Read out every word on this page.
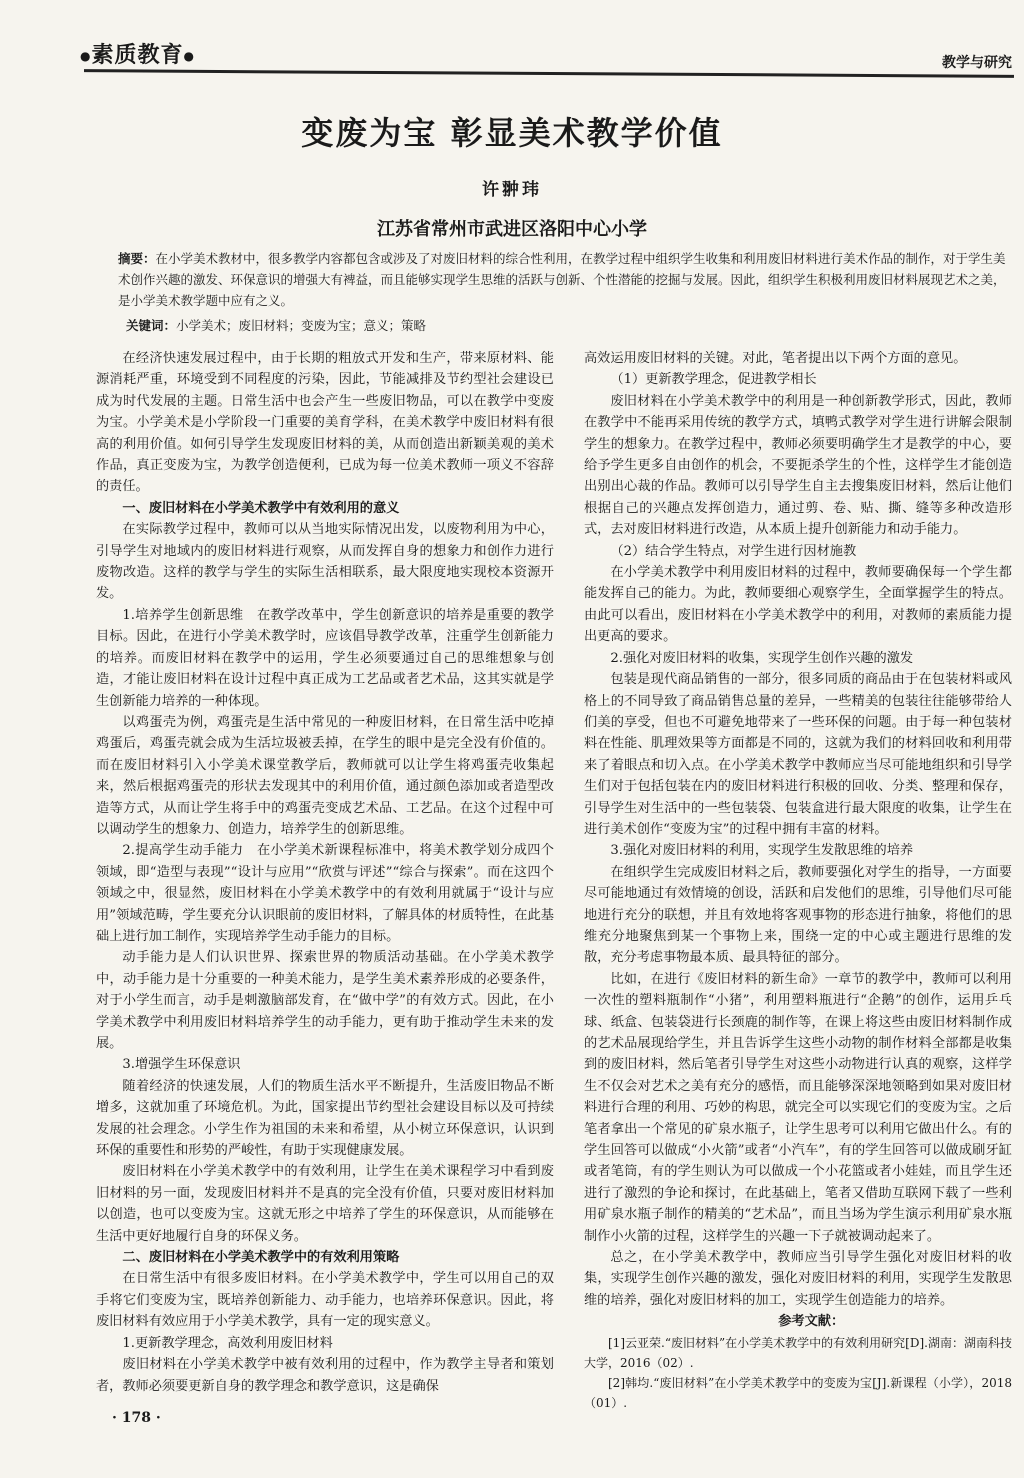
●素质教育●	教学与研究
变废为宝 彰显美术教学价值
许翀玮
江苏省常州市武进区洛阳中心小学
摘要：在小学美术教材中，很多教学内容都包含或涉及了对废旧材料的综合性利用，在教学过程中组织学生收集和利用废旧材料进行美术作品的制作，对于学生美术创作兴趣的激发、环保意识的增强大有裨益，而且能够实现学生思维的活跃与创新、个性潜能的挖掘与发展。因此，组织学生积极利用废旧材料展现艺术之美，是小学美术教学题中应有之义。
关键词：小学美术；废旧材料；变废为宝；意义；策略

在经济快速发展过程中，由于长期的粗放式开发和生产，带来原材料、能源消耗严重，环境受到不同程度的污染，因此，节能减排及节约型社会建设已成为时代发展的主题。日常生活中也会产生一些废旧物品，可以在教学中变废为宝。小学美术是小学阶段一门重要的美育学科，在美术教学中废旧材料有很高的利用价值。如何引导学生发现废旧材料的美，从而创造出新颖美观的美术作品，真正变废为宝，为教学创造便利，已成为每一位美术教师一项义不容辞的责任。

一、废旧材料在小学美术教学中有效利用的意义

在实际教学过程中，教师可以从当地实际情况出发，以废物利用为中心，引导学生对地域内的废旧材料进行观察，从而发挥自身的想象力和创作力进行废物改造。这样的教学与学生的实际生活相联系，最大限度地实现校本资源开发。

1.培养学生创新思维　在教学改革中，学生创新意识的培养是重要的教学目标。因此，在进行小学美术教学时，应该倡导教学改革，注重学生创新能力的培养。而废旧材料在教学中的运用，学生必须要通过自己的思维想象与创造，才能让废旧材料在设计过程中真正成为工艺品或者艺术品，这其实就是学生创新能力培养的一种体现。

以鸡蛋壳为例，鸡蛋壳是生活中常见的一种废旧材料，在日常生活中吃掉鸡蛋后，鸡蛋壳就会成为生活垃圾被丢掉，在学生的眼中是完全没有价值的。而在废旧材料引入小学美术课堂教学后，教师就可以让学生将鸡蛋壳收集起来，然后根据鸡蛋壳的形状去发现其中的利用价值，通过颜色添加或者造型改造等方式，从而让学生将手中的鸡蛋壳变成艺术品、工艺品。在这个过程中可以调动学生的想象力、创造力，培养学生的创新思维。

2.提高学生动手能力　在小学美术新课程标准中，将美术教学划分成四个领域，即“造型与表现”“设计与应用”“欣赏与评述”“综合与探索”。而在这四个领域之中，很显然，废旧材料在小学美术教学中的有效利用就属于“设计与应用”领域范畴，学生要充分认识眼前的废旧材料，了解具体的材质特性，在此基础上进行加工制作，实现培养学生动手能力的目标。

动手能力是人们认识世界、探索世界的物质活动基础。在小学美术教学中，动手能力是十分重要的一种美术能力，是学生美术素养形成的必要条件，对于小学生而言，动手是刺激脑部发育，在“做中学”的有效方式。因此，在小学美术教学中利用废旧材料培养学生的动手能力，更有助于推动学生未来的发展。

3.增强学生环保意识

随着经济的快速发展，人们的物质生活水平不断提升，生活废旧物品不断增多，这就加重了环境危机。为此，国家提出节约型社会建设目标以及可持续发展的社会理念。小学生作为祖国的未来和希望，从小树立环保意识，认识到环保的重要性和形势的严峻性，有助于实现健康发展。

废旧材料在小学美术教学中的有效利用，让学生在美术课程学习中看到废旧材料的另一面，发现废旧材料并不是真的完全没有价值，只要对废旧材料加以创造，也可以变废为宝。这就无形之中培养了学生的环保意识，从而能够在生活中更好地履行自身的环保义务。

二、废旧材料在小学美术教学中的有效利用策略

在日常生活中有很多废旧材料。在小学美术教学中，学生可以用自己的双手将它们变废为宝，既培养创新能力、动手能力，也培养环保意识。因此，将废旧材料有效应用于小学美术教学，具有一定的现实意义。

1.更新教学理念，高效利用废旧材料

废旧材料在小学美术教学中被有效利用的过程中，作为教学主导者和策划者，教师必须要更新自身的教学理念和教学意识，这是确保

高效运用废旧材料的关键。对此，笔者提出以下两个方面的意见。

（1）更新教学理念，促进教学相长

废旧材料在小学美术教学中的利用是一种创新教学形式，因此，教师在教学中不能再采用传统的教学方式，填鸭式教学对学生进行讲解会限制学生的想象力。在教学过程中，教师必须要明确学生才是教学的中心，要给予学生更多自由创作的机会，不要扼杀学生的个性，这样学生才能创造出别出心裁的作品。教师可以引导学生自主去搜集废旧材料，然后让他们根据自己的兴趣点发挥创造力，通过剪、卷、贴、撕、缝等多种改造形式，去对废旧材料进行改造，从本质上提升创新能力和动手能力。

（2）结合学生特点，对学生进行因材施教

在小学美术教学中利用废旧材料的过程中，教师要确保每一个学生都能发挥自己的能力。为此，教师要细心观察学生，全面掌握学生的特点。由此可以看出，废旧材料在小学美术教学中的利用，对教师的素质能力提出更高的要求。

2.强化对废旧材料的收集，实现学生创作兴趣的激发

包装是现代商品销售的一部分，很多同质的商品由于在包装材料或风格上的不同导致了商品销售总量的差异，一些精美的包装往往能够带给人们美的享受，但也不可避免地带来了一些环保的问题。由于每一种包装材料在性能、肌理效果等方面都是不同的，这就为我们的材料回收和利用带来了着眼点和切入点。在小学美术教学中教师应当尽可能地组织和引导学生们对于包括包装在内的废旧材料进行积极的回收、分类、整理和保存，引导学生对生活中的一些包装袋、包装盒进行最大限度的收集，让学生在进行美术创作“变废为宝”的过程中拥有丰富的材料。

3.强化对废旧材料的利用，实现学生发散思维的培养

在组织学生完成废旧材料之后，教师要强化对学生的指导，一方面要尽可能地通过有效情境的创设，活跃和启发他们的思维，引导他们尽可能地进行充分的联想，并且有效地将客观事物的形态进行抽象，将他们的思维充分地聚焦到某一个事物上来，围绕一定的中心或主题进行思维的发散，充分考虑事物最本质、最具特征的部分。

比如，在进行《废旧材料的新生命》一章节的教学中，教师可以利用一次性的塑料瓶制作“小猪”，利用塑料瓶进行“企鹅”的创作，运用乒乓球、纸盒、包装袋进行长颈鹿的制作等，在课上将这些由废旧材料制作成的艺术品展现给学生，并且告诉学生这些小动物的制作材料全部都是收集到的废旧材料，然后笔者引导学生对这些小动物进行认真的观察，这样学生不仅会对艺术之美有充分的感悟，而且能够深深地领略到如果对废旧材料进行合理的利用、巧妙的构思，就完全可以实现它们的变废为宝。之后笔者拿出一个常见的矿泉水瓶子，让学生思考可以利用它做出什么。有的学生回答可以做成“小火箭”或者“小汽车”，有的学生回答可以做成刷牙缸或者笔筒，有的学生则认为可以做成一个小花篮或者小娃娃，而且学生还进行了激烈的争论和探讨，在此基础上，笔者又借助互联网下载了一些利用矿泉水瓶子制作的精美的“艺术品”，而且当场为学生演示利用矿泉水瓶制作小火箭的过程，这样学生的兴趣一下子就被调动起来了。

总之，在小学美术教学中，教师应当引导学生强化对废旧材料的收集，实现学生创作兴趣的激发，强化对废旧材料的利用，实现学生发散思维的培养，强化对废旧材料的加工，实现学生创造能力的培养。

参考文献：

[1]云亚荣.“废旧材料”在小学美术教学中的有效利用研究[D].湖南：湖南科技大学，2016（02）.

[2]韩均.“废旧材料”在小学美术教学中的变废为宝[J].新课程（小学），2018（01）.

· 178 ·
